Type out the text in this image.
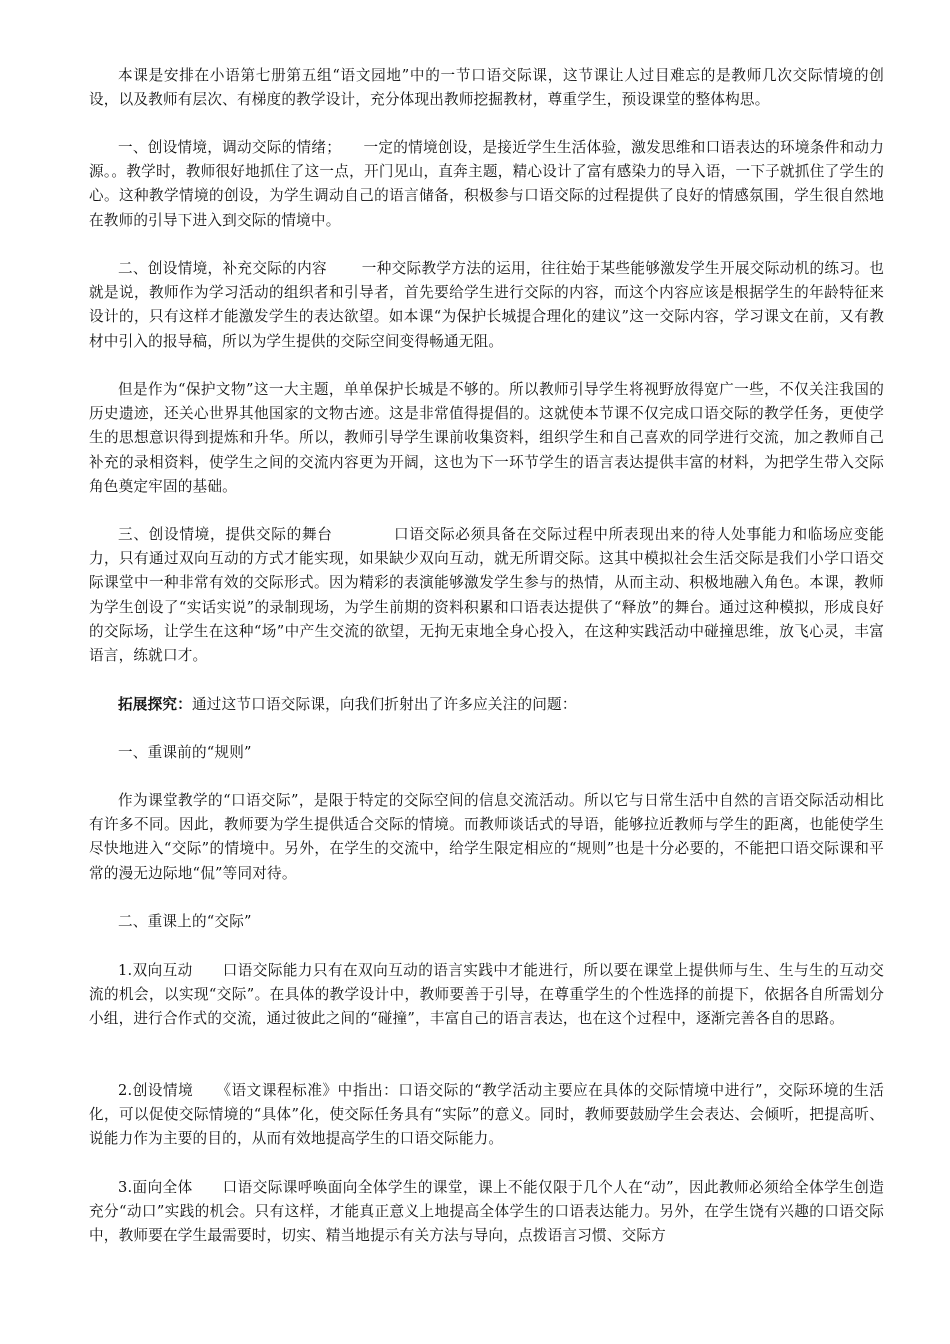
本课是安排在小语第七册第五组“语文园地”中的一节口语交际课，这节课让人过目难忘的是教师几次交际情境的创设，以及教师有层次、有梯度的教学设计，充分体现出教师挖掘教材，尊重学生，预设课堂的整体构思。

一、创设情境，调动交际的情绪；　　一定的情境创设，是接近学生生活体验，激发思维和口语表达的环境条件和动力源。。教学时，教师很好地抓住了这一点，开门见山，直奔主题，精心设计了富有感染力的导入语，一下子就抓住了学生的心。这种教学情境的创设，为学生调动自己的语言储备，积极参与口语交际的过程提供了良好的情感氛围，学生很自然地在教师的引导下进入到交际的情境中。

二、创设情境，补充交际的内容　　 一种交际教学方法的运用，往往始于某些能够激发学生开展交际动机的练习。也就是说，教师作为学习活动的组织者和引导者，首先要给学生进行交际的内容，而这个内容应该是根据学生的年龄特征来设计的，只有这样才能激发学生的表达欲望。如本课“为保护长城提合理化的建议”这一交际内容，学习课文在前，又有教材中引入的报导稿，所以为学生提供的交际空间变得畅通无阻。

但是作为“保护文物”这一大主题，单单保护长城是不够的。所以教师引导学生将视野放得宽广一些，不仅关注我国的历史遗迹，还关心世界其他国家的文物古迹。这是非常值得提倡的。这就使本节课不仅完成口语交际的教学任务，更使学生的思想意识得到提炼和升华。所以，教师引导学生课前收集资料，组织学生和自己喜欢的同学进行交流，加之教师自己补充的录相资料，使学生之间的交流内容更为开阔，这也为下一环节学生的语言表达提供丰富的材料，为把学生带入交际角色奠定牢固的基础。

三、创设情境，提供交际的舞台　　　　口语交际必须具备在交际过程中所表现出来的待人处事能力和临场应变能力，只有通过双向互动的方式才能实现，如果缺少双向互动，就无所谓交际。这其中模拟社会生活交际是我们小学口语交际课堂中一种非常有效的交际形式。因为精彩的表演能够激发学生参与的热情，从而主动、积极地融入角色。本课，教师为学生创设了“实话实说”的录制现场，为学生前期的资料积累和口语表达提供了“释放”的舞台。通过这种模拟，形成良好的交际场，让学生在这种“场”中产生交流的欲望，无拘无束地全身心投入，在这种实践活动中碰撞思维，放飞心灵，丰富语言，练就口才。

拓展探究：通过这节口语交际课，向我们折射出了许多应关注的问题：

一、重课前的“规则”

作为课堂教学的“口语交际”，是限于特定的交际空间的信息交流活动。所以它与日常生活中自然的言语交际活动相比有许多不同。因此，教师要为学生提供适合交际的情境。而教师谈话式的导语，能够拉近教师与学生的距离，也能使学生尽快地进入“交际”的情境中。另外，在学生的交流中，给学生限定相应的“规则”也是十分必要的，不能把口语交际课和平常的漫无边际地“侃”等同对待。

二、重课上的“交际”

1.双向互动　　口语交际能力只有在双向互动的语言实践中才能进行，所以要在课堂上提供师与生、生与生的互动交流的机会，以实现“交际”。在具体的教学设计中，教师要善于引导，在尊重学生的个性选择的前提下，依据各自所需划分小组，进行合作式的交流，通过彼此之间的“碰撞”，丰富自己的语言表达，也在这个过程中，逐渐完善各自的思路。

2.创设情境　　《语文课程标准》中指出：口语交际的“教学活动主要应在具体的交际情境中进行”，交际环境的生活化，可以促使交际情境的“具体”化，使交际任务具有“实际”的意义。同时，教师要鼓励学生会表达、会倾听，把提高听、说能力作为主要的目的，从而有效地提高学生的口语交际能力。

3.面向全体　　口语交际课呼唤面向全体学生的课堂，课上不能仅限于几个人在“动”，因此教师必须给全体学生创造充分“动口”实践的机会。只有这样，才能真正意义上地提高全体学生的口语表达能力。另外，在学生饶有兴趣的口语交际中，教师要在学生最需要时，切实、精当地提示有关方法与导向，点拨语言习惯、交际方
